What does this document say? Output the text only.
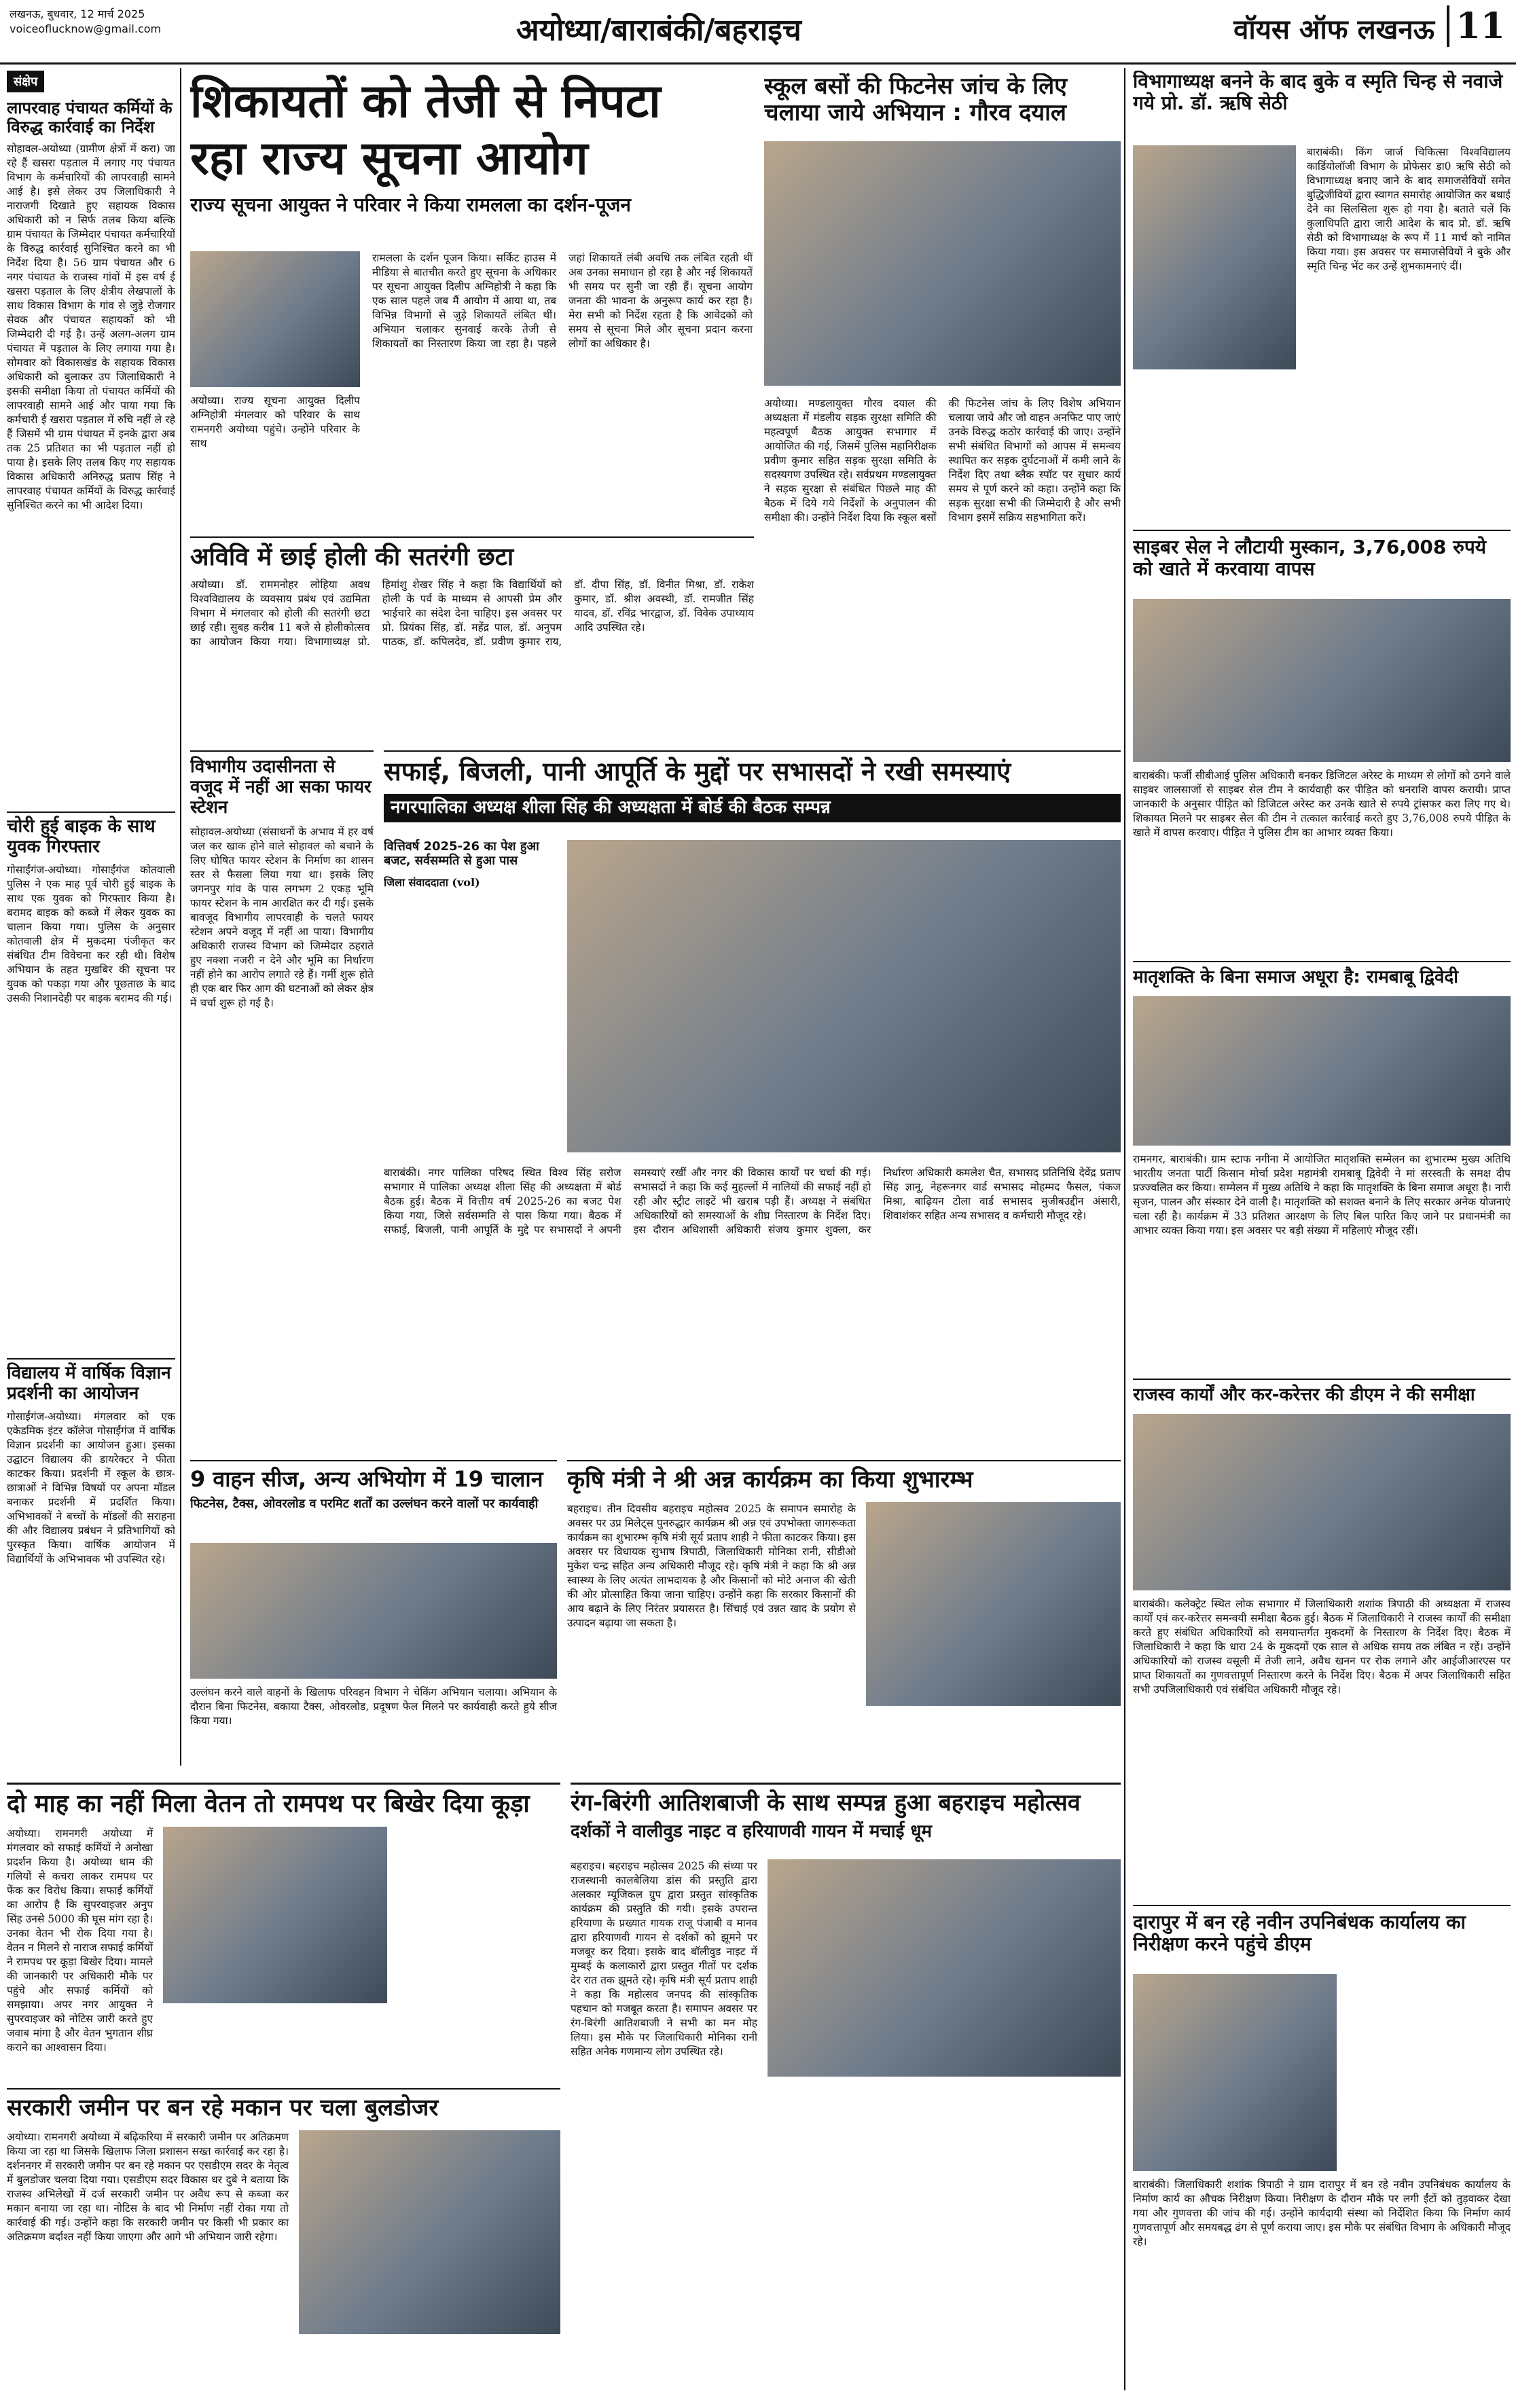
लखनऊ, बुधवार, 12 मार्च 2025
voiceoflucknow@gmail.com	अयोध्या/बाराबंकी/बहराइच	वॉयस ऑफ लखनऊ 11
संक्षेप
लापरवाह पंचायत कर्मियों के विरुद्ध कार्रवाई का निर्देश
सोहावल-अयोध्या (ग्रामीण क्षेत्रों में करा) जा रहे हैं खसरा पड़ताल में लगाए गए पंचायत विभाग के कर्मचारियों की लापरवाही सामने आई है। इसे लेकर उप जिलाधिकारी ने नाराजगी दिखाते हुए सहायक विकास अधिकारी को न सिर्फ तलब किया बल्कि ग्राम पंचायत के जिम्मेदार पंचायत कर्मचारियों के विरुद्ध कार्रवाई सुनिश्चित करने का भी निर्देश दिया है। 56 ग्राम पंचायत और 6 नगर पंचायत के राजस्व गांवों में इस वर्ष ई खसरा पड़ताल के लिए क्षेत्रीय लेखपालों के साथ विकास विभाग के गांव से जुड़े रोजगार सेवक और पंचायत सहायकों को भी जिम्मेदारी दी गई है। उन्हें अलग-अलग ग्राम पंचायत में पड़ताल के लिए लगाया गया है। सोमवार को विकासखंड के सहायक विकास अधिकारी को बुलाकर उप जिलाधिकारी ने इसकी समीक्षा किया तो पंचायत कर्मियों की लापरवाही सामने आई और पाया गया कि कर्मचारी ई खसरा पड़ताल में रुचि नहीं ले रहे हैं जिसमें भी ग्राम पंचायत में इनके द्वारा अब तक 25 प्रतिशत का भी पड़ताल नहीं हो पाया है। इसके लिए तलब किए गए सहायक विकास अधिकारी अनिरुद्ध प्रताप सिंह ने लापरवाह पंचायत कर्मियों के विरुद्ध कार्रवाई सुनिश्चित करने का भी आदेश दिया।
चोरी हुई बाइक के साथ युवक गिरफ्तार
गोसाईंगंज-अयोध्या। गोसाईंगंज कोतवाली पुलिस ने एक माह पूर्व चोरी हुई बाइक के साथ एक युवक को गिरफ्तार किया है। बरामद बाइक को कब्जे में लेकर युवक का चालान किया गया। पुलिस के अनुसार कोतवाली क्षेत्र में मुकदमा पंजीकृत कर संबंधित टीम विवेचना कर रही थी। विशेष अभियान के तहत मुखबिर की सूचना पर युवक को पकड़ा गया और पूछताछ के बाद उसकी निशानदेही पर बाइक बरामद की गई।
विद्यालय में वार्षिक विज्ञान प्रदर्शनी का आयोजन
गोसाईंगंज-अयोध्या। मंगलवार को एक एकेडमिक इंटर कॉलेज गोसाईंगंज में वार्षिक विज्ञान प्रदर्शनी का आयोजन हुआ। इसका उद्घाटन विद्यालय की डायरेक्टर ने फीता काटकर किया। प्रदर्शनी में स्कूल के छात्र-छात्राओं ने विभिन्न विषयों पर अपना मॉडल बनाकर प्रदर्शनी में प्रदर्शित किया। अभिभावकों ने बच्चों के मॉडलों की सराहना की और विद्यालय प्रबंधन ने प्रतिभागियों को पुरस्कृत किया। वार्षिक आयोजन में विद्यार्थियों के अभिभावक भी उपस्थित रहे।
शिकायतों को तेजी से निपटा
रहा राज्य सूचना आयोग
राज्य सूचना आयुक्त ने परिवार ने किया रामलला का दर्शन-पूजन
अयोध्या। राज्य सूचना आयुक्त दिलीप अग्निहोत्री मंगलवार को परिवार के साथ रामनगरी अयोध्या पहुंचे। उन्होंने परिवार के साथ
रामलला के दर्शन पूजन किया। सर्किट हाउस में मीडिया से बातचीत करते हुए सूचना के अधिकार पर सूचना आयुक्त दिलीप अग्निहोत्री ने कहा कि एक साल पहले जब मैं आयोग में आया था, तब विभिन्न विभागों से जुड़े शिकायतें लंबित थीं। अभियान चलाकर सुनवाई करके तेजी से शिकायतों का निस्तारण किया जा रहा है। पहले जहां शिकायतें लंबी अवधि तक लंबित रहती थीं अब उनका समाधान हो रहा है और नई शिकायतें भी समय पर सुनी जा रही हैं। सूचना आयोग जनता की भावना के अनुरूप कार्य कर रहा है। मेरा सभी को निर्देश रहता है कि आवेदकों को समय से सूचना मिले और सूचना प्रदान करना लोगों का अधिकार है।
अविवि में छाई होली की सतरंगी छटा
अयोध्या। डॉ. राममनोहर लोहिया अवध विश्वविद्यालय के व्यवसाय प्रबंध एवं उद्यमिता विभाग में मंगलवार को होली की सतरंगी छटा छाई रही। सुबह करीब 11 बजे से होलीकोत्सव का आयोजन किया गया। विभागाध्यक्ष प्रो. हिमांशु शेखर सिंह ने कहा कि विद्यार्थियों को होली के पर्व के माध्यम से आपसी प्रेम और भाईचारे का संदेश देना चाहिए। इस अवसर पर प्रो. प्रियंका सिंह, डॉ. महेंद्र पाल, डॉ. अनुपम पाठक, डॉ. कपिलदेव, डॉ. प्रवीण कुमार राय, डॉ. दीपा सिंह, डॉ. विनीत मिश्रा, डॉ. राकेश कुमार, डॉ. श्रीश अवस्थी, डॉ. रामजीत सिंह यादव, डॉ. रविंद्र भारद्वाज, डॉ. विवेक उपाध्याय आदि उपस्थित रहे।
स्कूल बसों की फिटनेस जांच के लिए
चलाया जाये अभियान : गौरव दयाल
अयोध्या। मण्डलायुक्त गौरव दयाल की अध्यक्षता में मंडलीय सड़क सुरक्षा समिति की महत्वपूर्ण बैठक आयुक्त सभागार में आयोजित की गई, जिसमें पुलिस महानिरीक्षक प्रवीण कुमार सहित सड़क सुरक्षा समिति के सदस्यगण उपस्थित रहे। सर्वप्रथम मण्डलायुक्त ने सड़क सुरक्षा से संबंधित पिछले माह की बैठक में दिये गये निर्देशों के अनुपालन की समीक्षा की। उन्होंने निर्देश दिया कि स्कूल बसों की फिटनेस जांच के लिए विशेष अभियान चलाया जाये और जो वाहन अनफिट पाए जाएं उनके विरुद्ध कठोर कार्रवाई की जाए। उन्होंने सभी संबंधित विभागों को आपस में समन्वय स्थापित कर सड़क दुर्घटनाओं में कमी लाने के निर्देश दिए तथा ब्लैक स्पॉट पर सुधार कार्य समय से पूर्ण करने को कहा। उन्होंने कहा कि सड़क सुरक्षा सभी की जिम्मेदारी है और सभी विभाग इसमें सक्रिय सहभागिता करें।
विभागीय उदासीनता से वजूद में नहीं आ सका फायर स्टेशन
सोहावल-अयोध्या (संसाधनों के अभाव में हर वर्ष जल कर खाक होने वाले सोहावल को बचाने के लिए घोषित फायर स्टेशन के निर्माण का शासन स्तर से फैसला लिया गया था। इसके लिए जगनपुर गांव के पास लगभग 2 एकड़ भूमि फायर स्टेशन के नाम आरक्षित कर दी गई। इसके बावजूद विभागीय लापरवाही के चलते फायर स्टेशन अपने वजूद में नहीं आ पाया। विभागीय अधिकारी राजस्व विभाग को जिम्मेदार ठहराते हुए नक्शा नजरी न देने और भूमि का निर्धारण नहीं होने का आरोप लगाते रहे हैं। गर्मी शुरू होते ही एक बार फिर आग की घटनाओं को लेकर क्षेत्र में चर्चा शुरू हो गई है।
सफाई, बिजली, पानी आपूर्ति के मुद्दों पर सभासदों ने रखी समस्याएं
नगरपालिका अध्यक्ष शीला सिंह की अध्यक्षता में बोर्ड की बैठक सम्पन्न
वित्तिवर्ष 2025-26 का पेश हुआ बजट, सर्वसम्मति से हुआ पास
जिला संवाददाता (vol)
बाराबंकी। नगर पालिका परिषद स्थित विश्व सिंह सरोज सभागार में पालिका अध्यक्ष शीला सिंह की अध्यक्षता में बोर्ड बैठक हुई। बैठक में वित्तीय वर्ष 2025-26 का बजट पेश किया गया, जिसे सर्वसम्मति से पास किया गया। बैठक में सफाई, बिजली, पानी आपूर्ति के मुद्दे पर सभासदों ने अपनी समस्याएं रखीं और नगर की विकास कार्यों पर चर्चा की गई। सभासदों ने कहा कि कई मुहल्लों में नालियों की सफाई नहीं हो रही और स्ट्रीट लाइटें भी खराब पड़ी हैं। अध्यक्ष ने संबंधित अधिकारियों को समस्याओं के शीघ्र निस्तारण के निर्देश दिए। इस दौरान अधिशासी अधिकारी संजय कुमार शुक्ला, कर निर्धारण अधिकारी कमलेश चैत, सभासद प्रतिनिधि देवेंद्र प्रताप सिंह ज्ञानू, नेहरूनगर वार्ड सभासद मोहम्मद फैसल, पंकज मिश्रा, बाढ़ियन टोला वार्ड सभासद मुजीबउद्दीन अंसारी, शिवाशंकर सहित अन्य सभासद व कर्मचारी मौजूद रहे।
9 वाहन सीज, अन्य अभियोग में 19 चालान
फिटनेस, टैक्स, ओवरलोड व परमिट शर्तों का उल्लंघन करने वालों पर कार्यवाही
उल्लंघन करने वाले वाहनों के खिलाफ परिवहन विभाग ने चेकिंग अभियान चलाया। अभियान के दौरान बिना फिटनेस, बकाया टैक्स, ओवरलोड, प्रदूषण फेल मिलने पर कार्यवाही करते हुये सीज किया गया।
कृषि मंत्री ने श्री अन्न कार्यक्रम का किया शुभारम्भ
बहराइच। तीन दिवसीय बहराइच महोत्सव 2025 के समापन समारोह के अवसर पर उप्र मिलेट्स पुनरुद्धार कार्यक्रम श्री अन्न एवं उपभोक्ता जागरूकता कार्यक्रम का शुभारम्भ कृषि मंत्री सूर्य प्रताप शाही ने फीता काटकर किया। इस अवसर पर विधायक सुभाष त्रिपाठी, जिलाधिकारी मोनिका रानी, सीडीओ मुकेश चन्द्र सहित अन्य अधिकारी मौजूद रहे। कृषि मंत्री ने कहा कि श्री अन्न स्वास्थ्य के लिए अत्यंत लाभदायक है और किसानों को मोटे अनाज की खेती की ओर प्रोत्साहित किया जाना चाहिए। उन्होंने कहा कि सरकार किसानों की आय बढ़ाने के लिए निरंतर प्रयासरत है। सिंचाई एवं उन्नत खाद के प्रयोग से उत्पादन बढ़ाया जा सकता है।
दो माह का नहीं मिला वेतन तो रामपथ पर बिखेर दिया कूड़ा
अयोध्या। रामनगरी अयोध्या में मंगलवार को सफाई कर्मियों ने अनोखा प्रदर्शन किया है। अयोध्या धाम की गलियों से कचरा लाकर रामपथ पर फेंक कर विरोध किया। सफाई कर्मियों का आरोप है कि सुपरवाइजर अनुप सिंह उनसे 5000 की घूस मांग रहा है। उनका वेतन भी रोक दिया गया है। वेतन न मिलने से नाराज सफाई कर्मियों ने रामपथ पर कूड़ा बिखेर दिया। मामले की जानकारी पर अधिकारी मौके पर पहुंचे और सफाई कर्मियों को समझाया। अपर नगर आयुक्त ने सुपरवाइजर को नोटिस जारी करते हुए जवाब मांगा है और वेतन भुगतान शीघ्र कराने का आश्वासन दिया।
सरकारी जमीन पर बन रहे मकान पर चला बुलडोजर
अयोध्या। रामनगरी अयोध्या में बढ़िकरिया में सरकारी जमीन पर अतिक्रमण किया जा रहा था जिसके खिलाफ जिला प्रशासन सख्त कार्रवाई कर रहा है। दर्शननगर में सरकारी जमीन पर बन रहे मकान पर एसडीएम सदर के नेतृत्व में बुलडोजर चलवा दिया गया। एसडीएम सदर विकास धर दुबे ने बताया कि राजस्व अभिलेखों में दर्ज सरकारी जमीन पर अवैध रूप से कब्जा कर मकान बनाया जा रहा था। नोटिस के बाद भी निर्माण नहीं रोका गया तो कार्रवाई की गई। उन्होंने कहा कि सरकारी जमीन पर किसी भी प्रकार का अतिक्रमण बर्दाश्त नहीं किया जाएगा और आगे भी अभियान जारी रहेगा।
रंग-बिरंगी आतिशबाजी के साथ सम्पन्न हुआ बहराइच महोत्सव
दर्शकों ने वालीवुड नाइट व हरियाणवी गायन में मचाई धूम
बहराइच। बहराइच महोत्सव 2025 की संध्या पर राजस्थानी कालबेलिया डांस की प्रस्तुति द्वारा अलकार म्यूजिकल ग्रुप द्वारा प्रस्तुत सांस्कृतिक कार्यक्रम की प्रस्तुति की गयी। इसके उपरान्त हरियाणा के प्रख्यात गायक राजू पंजाबी व मानव द्वारा हरियाणवी गायन से दर्शकों को झूमने पर मजबूर कर दिया। इसके बाद बॉलीवुड नाइट में मुम्बई के कलाकारों द्वारा प्रस्तुत गीतों पर दर्शक देर रात तक झूमते रहे। कृषि मंत्री सूर्य प्रताप शाही ने कहा कि महोत्सव जनपद की सांस्कृतिक पहचान को मजबूत करता है। समापन अवसर पर रंग-बिरंगी आतिशबाजी ने सभी का मन मोह लिया। इस मौके पर जिलाधिकारी मोनिका रानी सहित अनेक गणमान्य लोग उपस्थित रहे।
विभागाध्यक्ष बनने के बाद बुके व स्मृति चिन्ह से नवाजे गये प्रो. डॉ. ऋषि सेठी
बाराबंकी। किंग जार्ज चिकित्सा विश्वविद्यालय कार्डियोलॉजी विभाग के प्रोफेसर डा0 ऋषि सेठी को विभागाध्यक्ष बनाए जाने के बाद समाजसेवियों समेत बुद्धिजीवियों द्वारा स्वागत समारोह आयोजित कर बधाई देने का सिलसिला शुरू हो गया है। बताते चलें कि कुलाधिपति द्वारा जारी आदेश के बाद प्रो. डॉ. ऋषि सेठी को विभागाध्यक्ष के रूप में 11 मार्च को नामित किया गया। इस अवसर पर समाजसेवियों ने बुके और स्मृति चिन्ह भेंट कर उन्हें शुभकामनाएं दीं।
साइबर सेल ने लौटायी मुस्कान, 3,76,008 रुपये को खाते में करवाया वापस
बाराबंकी। फर्जी सीबीआई पुलिस अधिकारी बनकर डिजिटल अरेस्ट के माध्यम से लोगों को ठगने वाले साइबर जालसाजों से साइबर सेल टीम ने कार्यवाही कर पीड़ित को धनराशि वापस करायी। प्राप्त जानकारी के अनुसार पीड़ित को डिजिटल अरेस्ट कर उनके खाते से रुपये ट्रांसफर करा लिए गए थे। शिकायत मिलने पर साइबर सेल की टीम ने तत्काल कार्रवाई करते हुए 3,76,008 रुपये पीड़ित के खाते में वापस करवाए। पीड़ित ने पुलिस टीम का आभार व्यक्त किया।
मातृशक्ति के बिना समाज अधूरा है: रामबाबू द्विवेदी
रामनगर, बाराबंकी। ग्राम स्टाफ नगीना में आयोजित मातृशक्ति सम्मेलन का शुभारम्भ मुख्य अतिथि भारतीय जनता पार्टी किसान मोर्चा प्रदेश महामंत्री रामबाबू द्विवेदी ने मां सरस्वती के समक्ष दीप प्रज्ज्वलित कर किया। सम्मेलन में मुख्य अतिथि ने कहा कि मातृशक्ति के बिना समाज अधूरा है। नारी सृजन, पालन और संस्कार देने वाली है। मातृशक्ति को सशक्त बनाने के लिए सरकार अनेक योजनाएं चला रही है। कार्यक्रम में 33 प्रतिशत आरक्षण के लिए बिल पारित किए जाने पर प्रधानमंत्री का आभार व्यक्त किया गया। इस अवसर पर बड़ी संख्या में महिलाएं मौजूद रहीं।
राजस्व कार्यों और कर-करेत्तर की डीएम ने की समीक्षा
बाराबंकी। कलेक्ट्रेट स्थित लोक सभागार में जिलाधिकारी शशांक त्रिपाठी की अध्यक्षता में राजस्व कार्यों एवं कर-करेत्तर समन्वयी समीक्षा बैठक हुई। बैठक में जिलाधिकारी ने राजस्व कार्यों की समीक्षा करते हुए संबंधित अधिकारियों को समयान्तर्गत मुकदमों के निस्तारण के निर्देश दिए। बैठक में जिलाधिकारी ने कहा कि धारा 24 के मुकदमों एक साल से अधिक समय तक लंबित न रहें। उन्होंने अधिकारियों को राजस्व वसूली में तेजी लाने, अवैध खनन पर रोक लगाने और आईजीआरएस पर प्राप्त शिकायतों का गुणवत्तापूर्ण निस्तारण करने के निर्देश दिए। बैठक में अपर जिलाधिकारी सहित सभी उपजिलाधिकारी एवं संबंधित अधिकारी मौजूद रहे।
दारापुर में बन रहे नवीन उपनिबंधक कार्यालय का निरीक्षण करने पहुंचे डीएम
बाराबंकी। जिलाधिकारी शशांक त्रिपाठी ने ग्राम दारापुर में बन रहे नवीन उपनिबंधक कार्यालय के निर्माण कार्य का औचक निरीक्षण किया। निरीक्षण के दौरान मौके पर लगी ईंटों को तुड़वाकर देखा गया और गुणवत्ता की जांच की गई। उन्होंने कार्यदायी संस्था को निर्देशित किया कि निर्माण कार्य गुणवत्तापूर्ण और समयबद्ध ढंग से पूर्ण कराया जाए। इस मौके पर संबंधित विभाग के अधिकारी मौजूद रहे।
